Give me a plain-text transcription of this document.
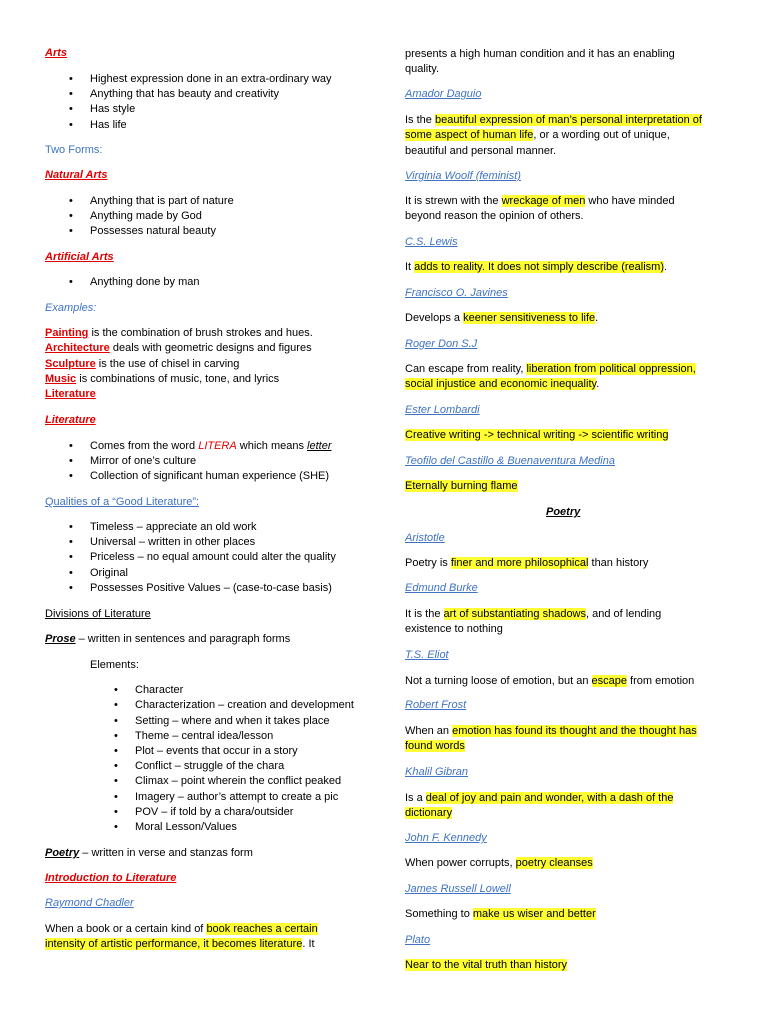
Arts
• Highest expression done in an extra-ordinary way
• Anything that has beauty and creativity
• Has style
• Has life
Two Forms:
Natural Arts
• Anything that is part of nature
• Anything made by God
• Possesses natural beauty
Artificial Arts
• Anything done by man
Examples:
Painting is the combination of brush strokes and hues.
Architecture deals with geometric designs and figures
Sculpture is the use of chisel in carving
Music is combinations of music, tone, and lyrics
Literature
Literature
• Comes from the word LITERA which means letter
• Mirror of one’s culture
• Collection of significant human experience (SHE)
Qualities of a “Good Literature”:
• Timeless – appreciate an old work
• Universal – written in other places
• Priceless – no equal amount could alter the quality
• Original
• Possesses Positive Values – (case-to-case basis)
Divisions of Literature
Prose – written in sentences and paragraph forms
Elements:
• Character
• Characterization – creation and development
• Setting – where and when it takes place
• Theme – central idea/lesson
• Plot – events that occur in a story
• Conflict – struggle of the chara
• Climax – point wherein the conflict peaked
• Imagery – author’s attempt to create a pic
• POV – if told by a chara/outsider
• Moral Lesson/Values
Poetry – written in verse and stanzas form
Introduction to Literature
Raymond Chadler
When a book or a certain kind of book reaches a certain
intensity of artistic performance, it becomes literature. It
presents a high human condition and it has an enabling
quality.
Amador Daguio
Is the beautiful expression of man’s personal interpretation of
some aspect of human life, or a wording out of unique,
beautiful and personal manner.
Virginia Woolf (feminist)
It is strewn with the wreckage of men who have minded
beyond reason the opinion of others.
C.S. Lewis
It adds to reality. It does not simply describe (realism).
Francisco O. Javines
Develops a keener sensitiveness to life.
Roger Don S.J
Can escape from reality, liberation from political oppression,
social injustice and economic inequality.
Ester Lombardi
Creative writing -> technical writing -> scientific writing
Teofilo del Castillo & Buenaventura Medina
Eternally burning flame
Poetry
Aristotle
Poetry is finer and more philosophical than history
Edmund Burke
It is the art of substantiating shadows, and of lending
existence to nothing
T.S. Eliot
Not a turning loose of emotion, but an escape from emotion
Robert Frost
When an emotion has found its thought and the thought has
found words
Khalil Gibran
Is a deal of joy and pain and wonder, with a dash of the
dictionary
John F. Kennedy
When power corrupts, poetry cleanses
James Russell Lowell
Something to make us wiser and better
Plato
Near to the vital truth than history
